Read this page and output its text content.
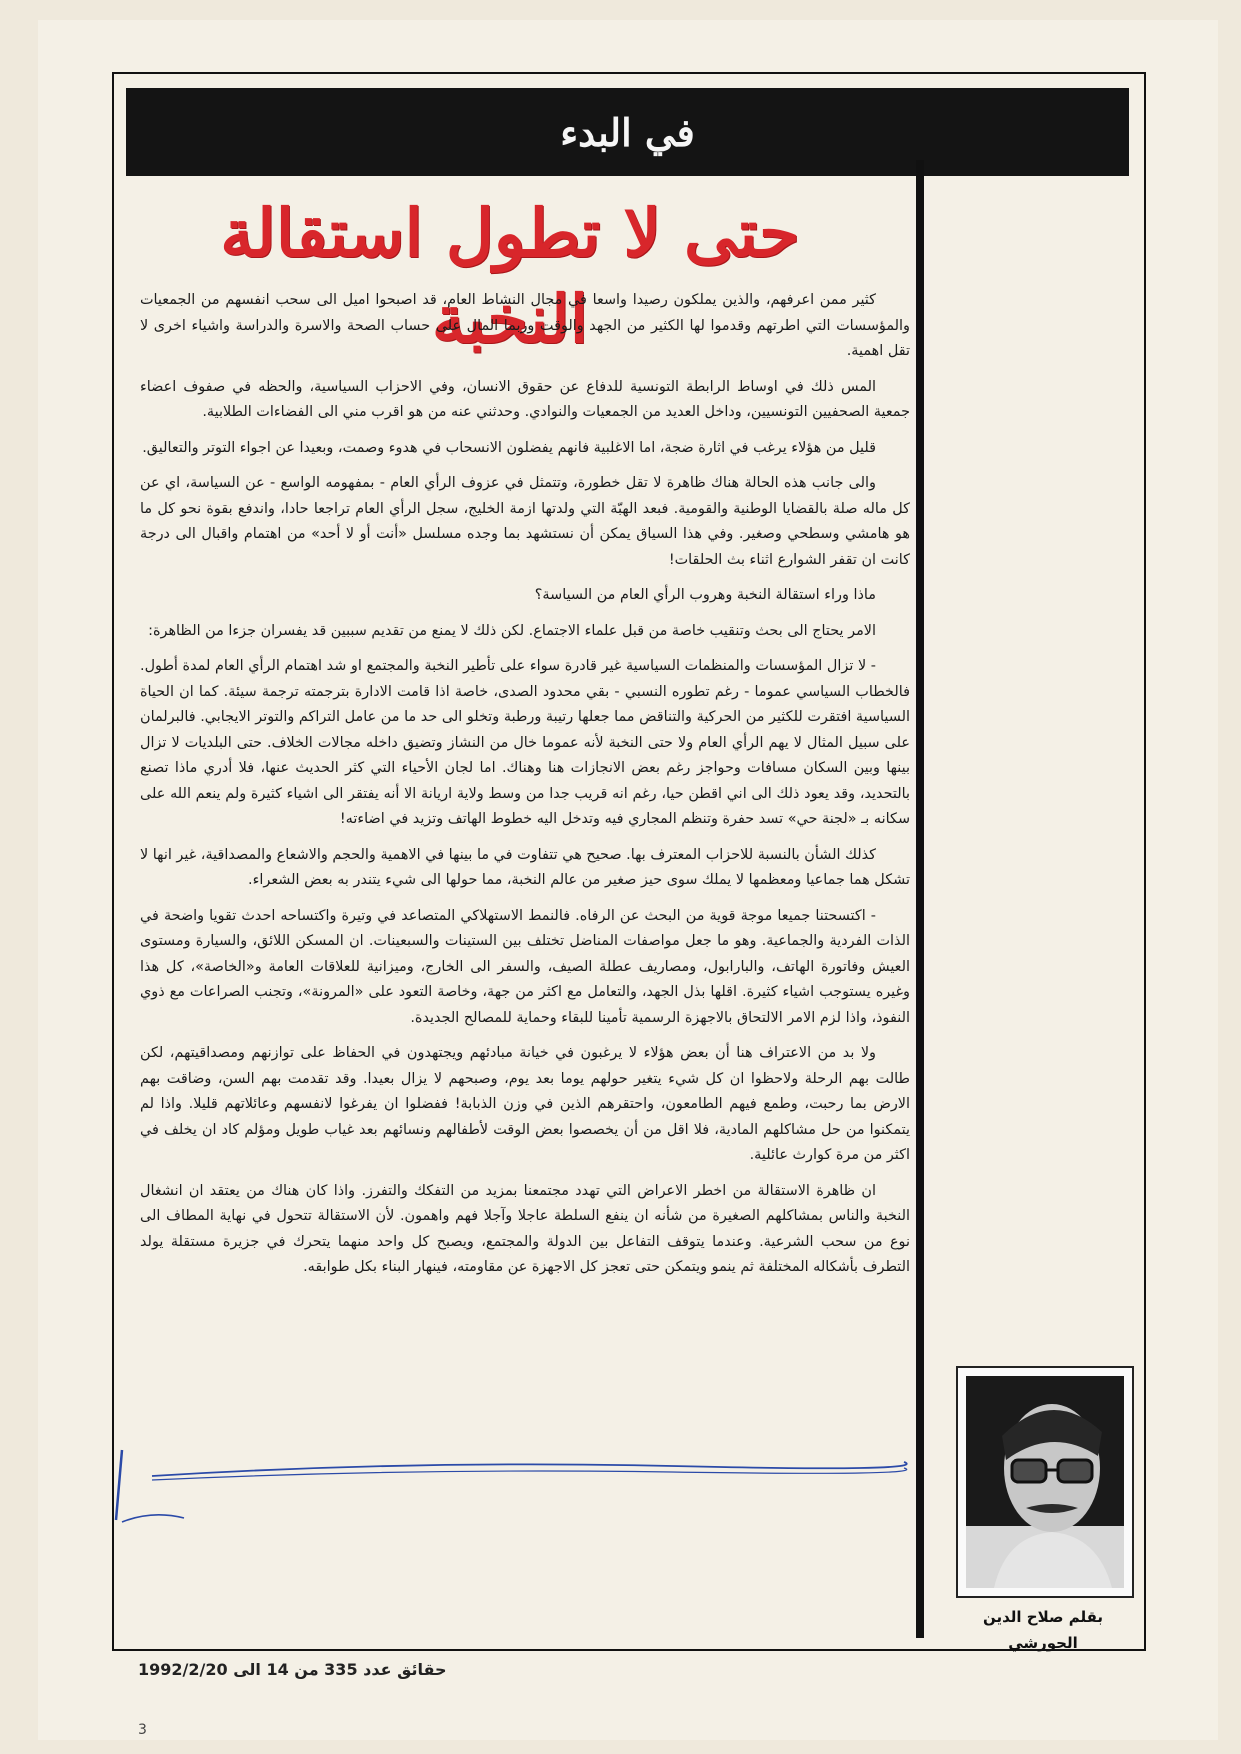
في البدء
حتى لا تطول استقالة النخبة

كثير ممن اعرفهم، والذين يملكون رصيدا واسعا في مجال النشاط العام، قد اصبحوا اميل الى سحب انفسهم من الجمعيات والمؤسسات التي اطرتهم وقدموا لها الكثير من الجهد والوقت وربما المال على حساب الصحة والاسرة والدراسة واشياء اخرى لا تقل اهمية.

المس ذلك في اوساط الرابطة التونسية للدفاع عن حقوق الانسان، وفي الاحزاب السياسية، والحظه في صفوف اعضاء جمعية الصحفيين التونسيين، وداخل العديد من الجمعيات والنوادي. وحدثني عنه من هو اقرب مني الى الفضاءات الطلابية.

قليل من هؤلاء يرغب في اثارة ضجة، اما الاغلبية فانهم يفضلون الانسحاب في هدوء وصمت، وبعيدا عن اجواء التوتر والتعاليق.

والى جانب هذه الحالة هناك ظاهرة لا تقل خطورة، وتتمثل في عزوف الرأي العام - بمفهومه الواسع - عن السياسة، اي عن كل ماله صلة بالقضايا الوطنية والقومية. فبعد الهبّة التي ولدتها ازمة الخليج، سجل الرأي العام تراجعا حادا، واندفع بقوة نحو كل ما هو هامشي وسطحي وصغير. وفي هذا السياق يمكن أن نستشهد بما وجده مسلسل «أنت أو لا أحد» من اهتمام واقبال الى درجة كانت ان تقفر الشوارع اثناء بث الحلقات!

ماذا وراء استقالة النخبة وهروب الرأي العام من السياسة؟

الامر يحتاج الى بحث وتنقيب خاصة من قبل علماء الاجتماع. لكن ذلك لا يمنع من تقديم سببين قد يفسران جزءا من الظاهرة:

- لا تزال المؤسسات والمنظمات السياسية غير قادرة سواء على تأطير النخبة والمجتمع او شد اهتمام الرأي العام لمدة أطول. فالخطاب السياسي عموما - رغم تطوره النسبي - بقي محدود الصدى، خاصة اذا قامت الادارة بترجمته ترجمة سيئة. كما ان الحياة السياسية افتقرت للكثير من الحركية والتناقض مما جعلها رتيبة ورطبة وتخلو الى حد ما من عامل التراكم والتوتر الايجابي. فالبرلمان على سبيل المثال لا يهم الرأي العام ولا حتى النخبة لأنه عموما خال من النشاز وتضيق داخله مجالات الخلاف. حتى البلديات لا تزال بينها وبين السكان مسافات وحواجز رغم بعض الانجازات هنا وهناك. اما لجان الأحياء التي كثر الحديث عنها، فلا أدري ماذا تصنع بالتحديد، وقد يعود ذلك الى اني اقطن حيا، رغم انه قريب جدا من وسط ولاية اريانة الا أنه يفتقر الى اشياء كثيرة ولم ينعم الله على سكانه بـ «لجنة حي» تسد حفرة وتنظم المجاري فيه وتدخل اليه خطوط الهاتف وتزيد في اضاءته!

كذلك الشأن بالنسبة للاحزاب المعترف بها. صحيح هي تتفاوت في ما بينها في الاهمية والحجم والاشعاع والمصداقية، غير انها لا تشكل هما جماعيا ومعظمها لا يملك سوى حيز صغير من عالم النخبة، مما حولها الى شيء يتندر به بعض الشعراء.

- اكتسحتنا جميعا موجة قوية من البحث عن الرفاه. فالنمط الاستهلاكي المتصاعد في وتيرة واكتساحه احدث تقويا واضحة في الذات الفردية والجماعية. وهو ما جعل مواصفات المناضل تختلف بين الستينات والسبعينات. ان المسكن اللائق، والسيارة ومستوى العيش وفاتورة الهاتف، والبارابول، ومصاريف عطلة الصيف، والسفر الى الخارج، وميزانية للعلاقات العامة و«الخاصة»، كل هذا وغيره يستوجب اشياء كثيرة. اقلها بذل الجهد، والتعامل مع اكثر من جهة، وخاصة التعود على «المرونة»، وتجنب الصراعات مع ذوي النفوذ، واذا لزم الامر الالتحاق بالاجهزة الرسمية تأمينا للبقاء وحماية للمصالح الجديدة.

ولا بد من الاعتراف هنا أن بعض هؤلاء لا يرغبون في خيانة مبادئهم ويجتهدون في الحفاظ على توازنهم ومصداقيتهم، لكن طالت بهم الرحلة ولاحظوا ان كل شيء يتغير حولهم يوما بعد يوم، وصبحهم لا يزال بعيدا. وقد تقدمت بهم السن، وضاقت بهم الارض بما رحبت، وطمع فيهم الطامعون، واحتقرهم الذين في وزن الذبابة! ففضلوا ان يفرغوا لانفسهم وعائلاتهم قليلا. واذا لم يتمكنوا من حل مشاكلهم المادية، فلا اقل من أن يخصصوا بعض الوقت لأطفالهم ونسائهم بعد غياب طويل ومؤلم كاد ان يخلف في اكثر من مرة كوارث عائلية.

ان ظاهرة الاستقالة من اخطر الاعراض التي تهدد مجتمعنا بمزيد من التفكك والتفرز. واذا كان هناك من يعتقد ان انشغال النخبة والناس بمشاكلهم الصغيرة من شأنه ان ينفع السلطة عاجلا وآجلا فهم واهمون. لأن الاستقالة تتحول في نهاية المطاف الى نوع من سحب الشرعية. وعندما يتوقف التفاعل بين الدولة والمجتمع، ويصبح كل واحد منهما يتحرك في جزيرة مستقلة يولد التطرف بأشكاله المختلفة ثم ينمو ويتمكن حتى تعجز كل الاجهزة عن مقاومته، فينهار البناء بكل طوابقه.

بقلم صلاح الدين
الجورشي
حقائق عدد 335 من 14 الى 1992/2/20
3
